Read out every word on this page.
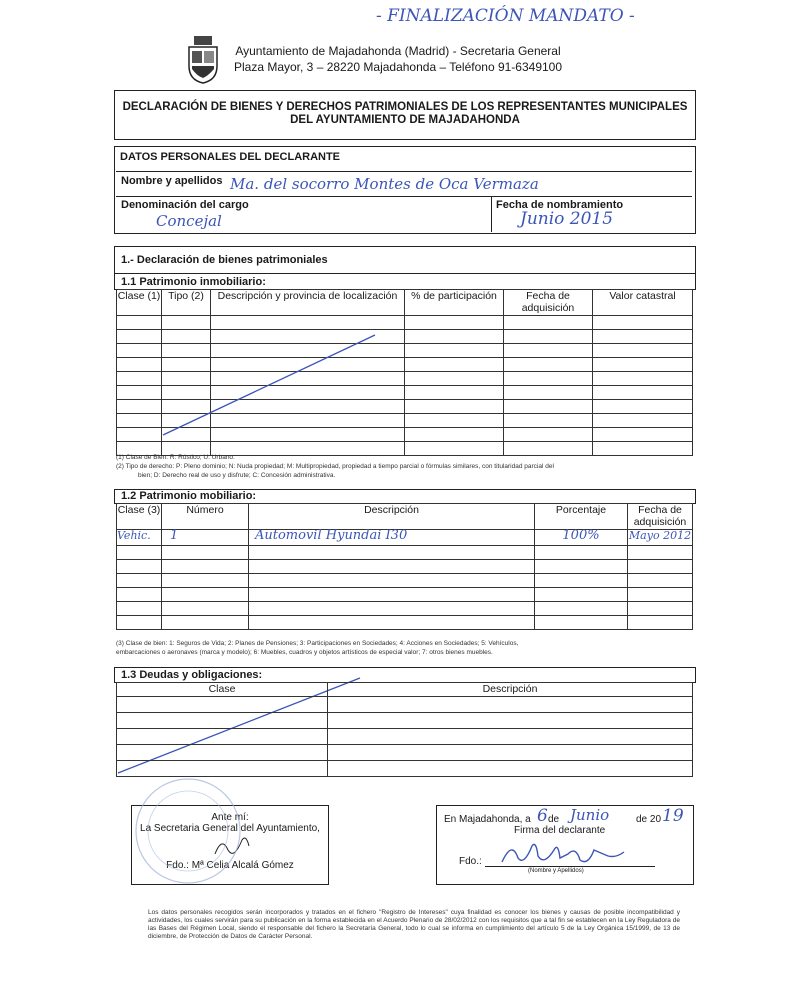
- FINALIZACIÓN MANDATO -
Ayuntamiento de Majadahonda (Madrid) - Secretaria General
Plaza Mayor, 3 – 28220 Majadahonda – Teléfono 91-6349100
DECLARACIÓN DE BIENES Y DERECHOS PATRIMONIALES DE LOS REPRESENTANTES MUNICIPALES
DEL AYUNTAMIENTO DE MAJADAHONDA
DATOS PERSONALES DEL DECLARANTE
Nombre y apellidos Ma. del socorro Montes de Oca Vermaza
Denominación del cargo
Concejal
Fecha de nombramiento
Junio 2015
1.- Declaración de bienes patrimoniales
1.1 Patrimonio inmobiliario:
Clase (1)	Tipo (2)	Descripción y provincia de localización	% de participación	Fecha de adquisición	Valor catastral

(1) Clase de Bien: R: Rústico; U: Urbano.
(2) Tipo de derecho: P: Pleno dominio; N: Nuda propiedad; M: Multipropiedad, propiedad a tiempo parcial o fórmulas similares, con titularidad parcial del
bien; D: Derecho real de uso y disfrute; C: Concesión administrativa.
1.2 Patrimonio mobiliario:
Clase (3)	Número	Descripción	Porcentaje	Fecha de adquisición
Vehic.	1	Automovil Hyundai I30	100%	Mayo 2012

(3) Clase de bien: 1: Seguros de Vida; 2: Planes de Pensiones; 3: Participaciones en Sociedades; 4: Acciones en Sociedades; 5: Vehículos,
embarcaciones o aeronaves (marca y modelo); 6: Muebles, cuadros y objetos artísticos de especial valor; 7: otros bienes muebles.
1.3 Deudas y obligaciones:
Clase	Descripción

Ante mí:
La Secretaria General del Ayuntamiento,
Fdo.: Mª Celia Alcalá Gómez
En Majadahonda, a 6 de Junio	de 20 19
Firma del declarante
Fdo.:
(Nombre y Apellidos)
Los datos personales recogidos serán incorporados y tratados en el fichero "Registro de Intereses" cuya finalidad es conocer los bienes y causas de posible incompatibilidad y actividades, los cuales servirán para su publicación en la forma establecida en el Acuerdo Plenario de 28/02/2012 con los requisitos que a tal fin se establecen en la Ley Reguladora de las Bases del Régimen Local, siendo el responsable del fichero la Secretaría General, todo lo cual se informa en cumplimiento del artículo 5 de la Ley Orgánica 15/1999, de 13 de diciembre, de Protección de Datos de Carácter Personal.
